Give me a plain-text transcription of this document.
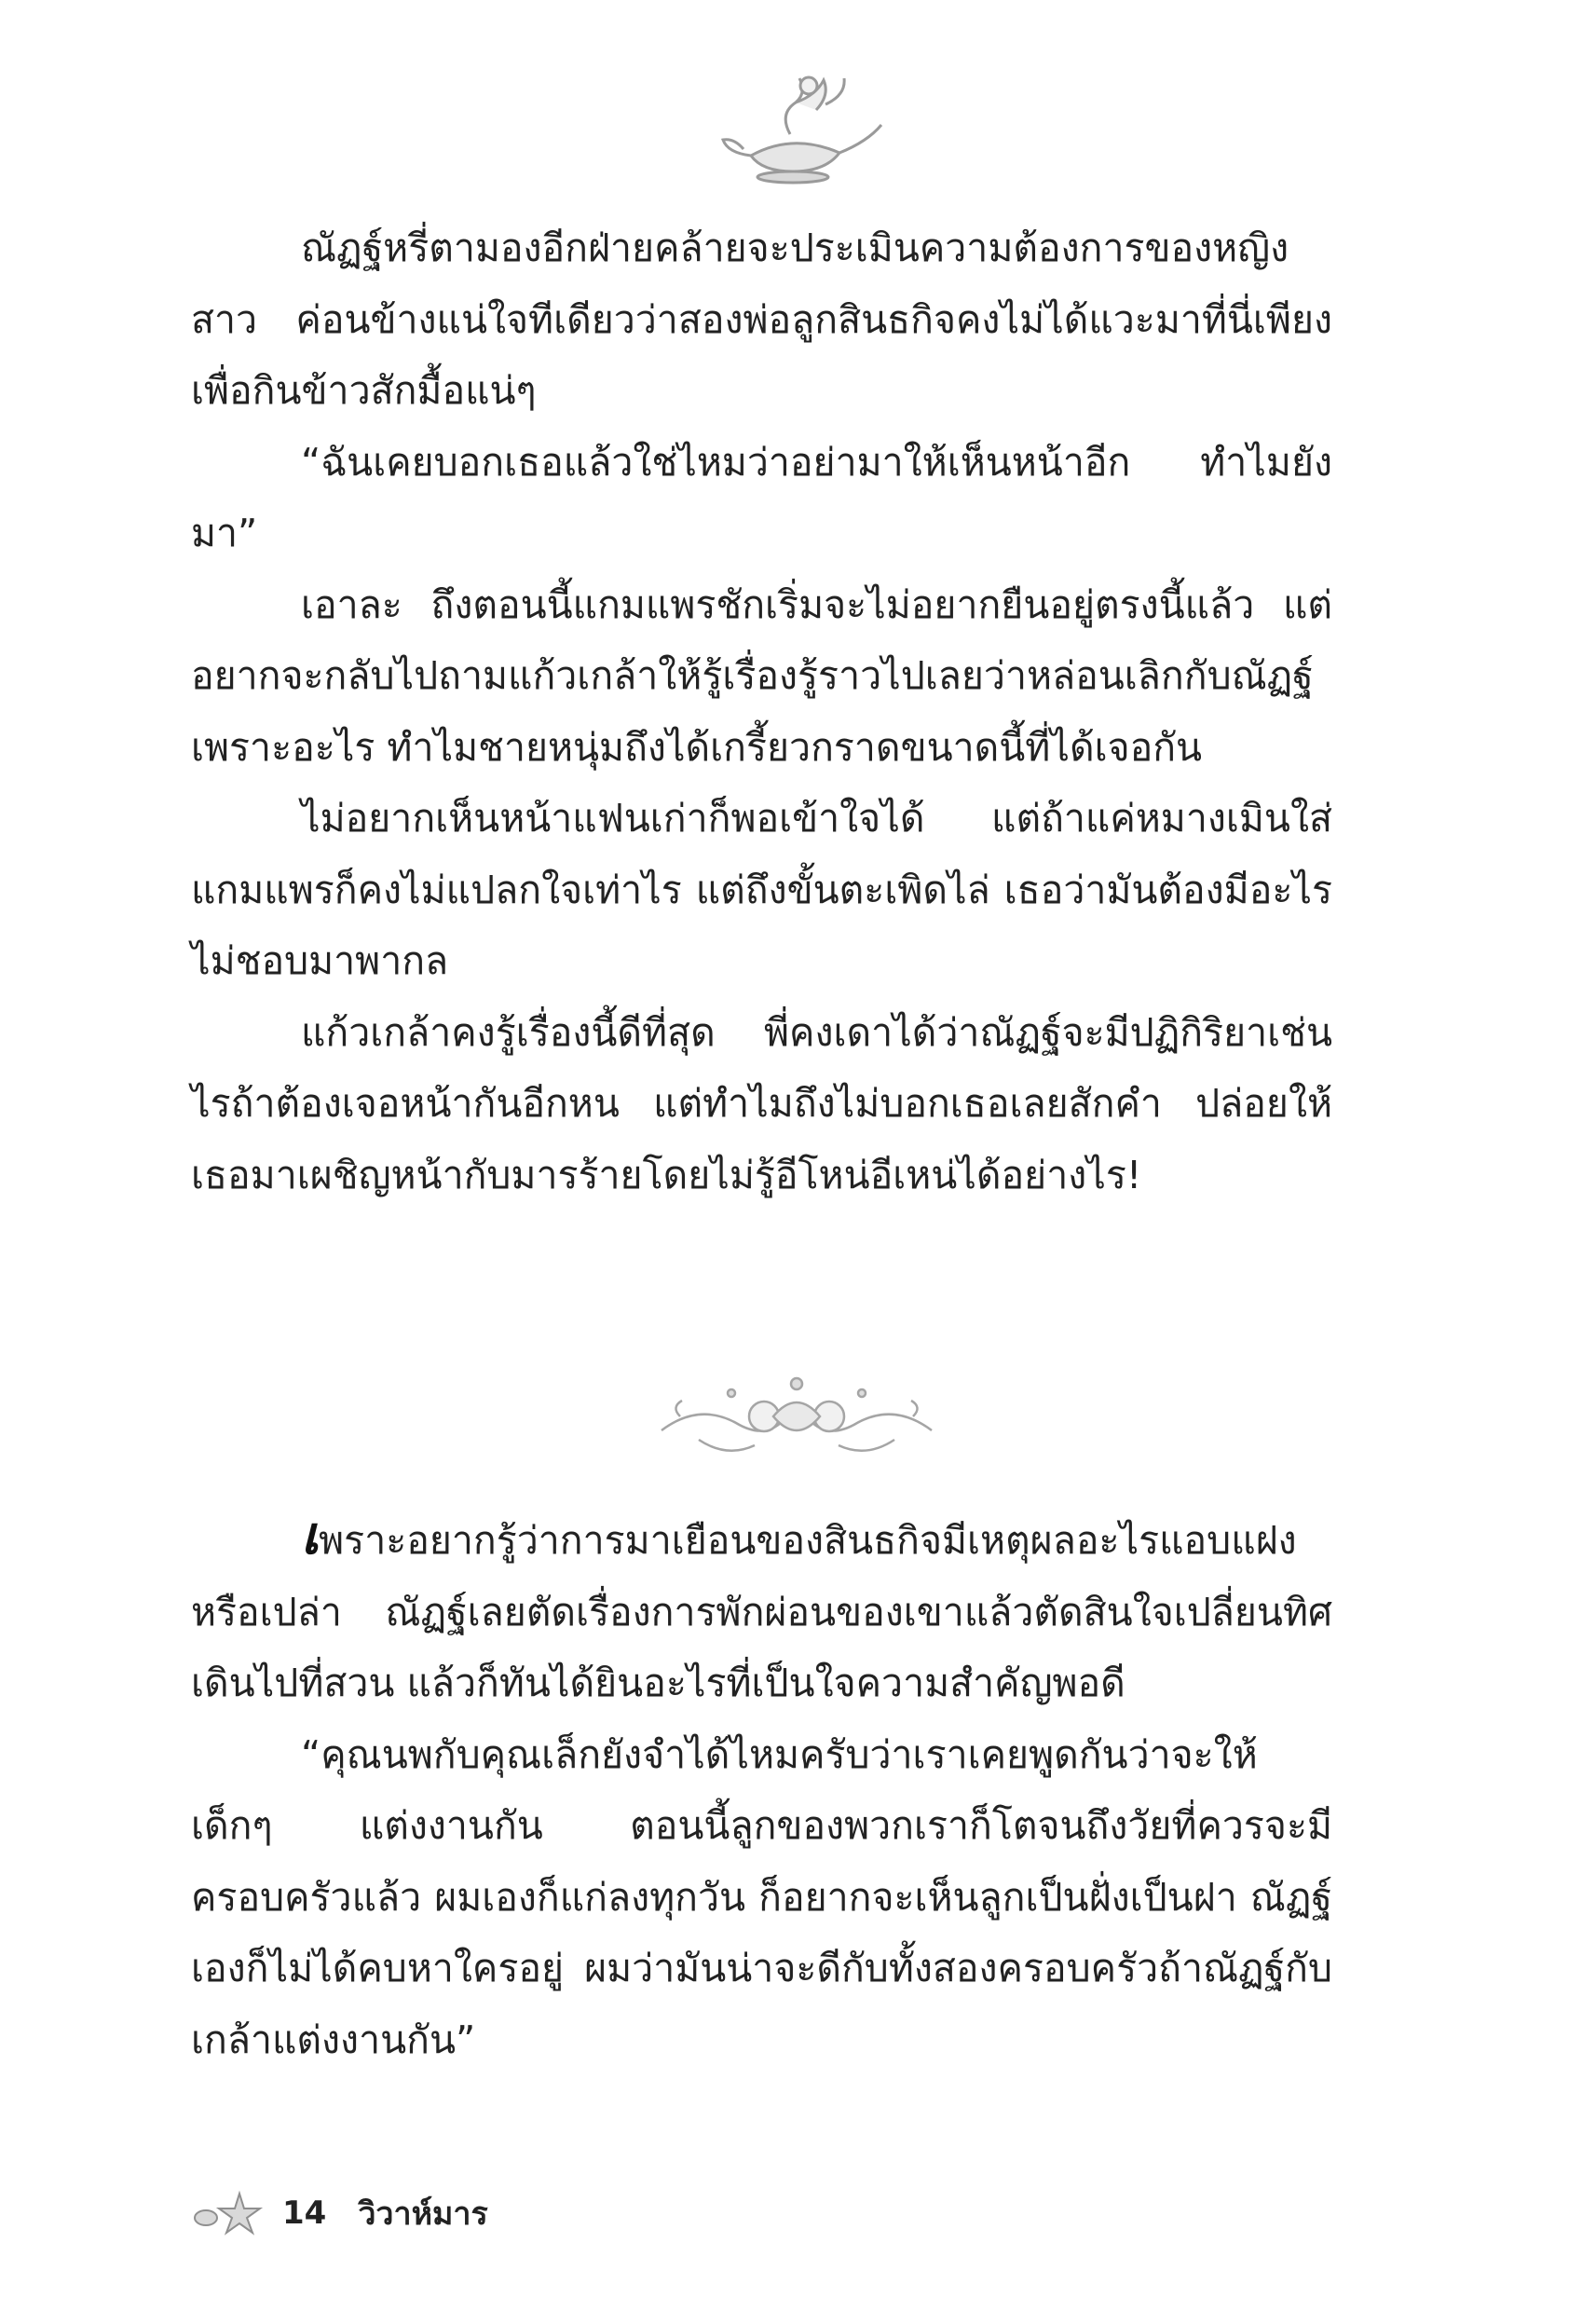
ณัฏฐ์หรี่ตามองอีกฝ่ายคล้ายจะประเมินความต้องการของหญิงสาว ค่อนข้างแน่ใจทีเดียวว่าสองพ่อลูกสินธกิจคงไม่ได้แวะมาที่นี่เพียงเพื่อกินข้าวสักมื้อแน่ๆ

“ฉันเคยบอกเธอแล้วใช่ไหมว่าอย่ามาให้เห็นหน้าอีก ทำไมยังมา”

เอาละ ถึงตอนนี้แกมแพรชักเริ่มจะไม่อยากยืนอยู่ตรงนี้แล้ว แต่อยากจะกลับไปถามแก้วเกล้าให้รู้เรื่องรู้ราวไปเลยว่าหล่อนเลิกกับณัฏฐ์เพราะอะไร ทำไมชายหนุ่มถึงได้เกรี้ยวกราดขนาดนี้ที่ได้เจอกัน

ไม่อยากเห็นหน้าแฟนเก่าก็พอเข้าใจได้ แต่ถ้าแค่หมางเมินใส่แกมแพรก็คงไม่แปลกใจเท่าไร แต่ถึงขั้นตะเพิดไล่ เธอว่ามันต้องมีอะไรไม่ชอบมาพากล

แก้วเกล้าคงรู้เรื่องนี้ดีที่สุด พี่คงเดาได้ว่าณัฏฐ์จะมีปฏิกิริยาเช่นไรถ้าต้องเจอหน้ากันอีกหน แต่ทำไมถึงไม่บอกเธอเลยสักคำ ปล่อยให้เธอมาเผชิญหน้ากับมารร้ายโดยไม่รู้อีโหน่อีเหน่ได้อย่างไร!

เพราะอยากรู้ว่าการมาเยือนของสินธกิจมีเหตุผลอะไรแอบแฝงหรือเปล่า ณัฏฐ์เลยตัดเรื่องการพักผ่อนของเขาแล้วตัดสินใจเปลี่ยนทิศเดินไปที่สวน แล้วก็ทันได้ยินอะไรที่เป็นใจความสำคัญพอดี

“คุณนพกับคุณเล็กยังจำได้ไหมครับว่าเราเคยพูดกันว่าจะให้เด็กๆ แต่งงานกัน ตอนนี้ลูกของพวกเราก็โตจนถึงวัยที่ควรจะมีครอบครัวแล้ว ผมเองก็แก่ลงทุกวัน ก็อยากจะเห็นลูกเป็นฝั่งเป็นฝา ณัฏฐ์เองก็ไม่ได้คบหาใครอยู่ ผมว่ามันน่าจะดีกับทั้งสองครอบครัวถ้าณัฏฐ์กับเกล้าแต่งงานกัน”

14 วิวาห์มาร
